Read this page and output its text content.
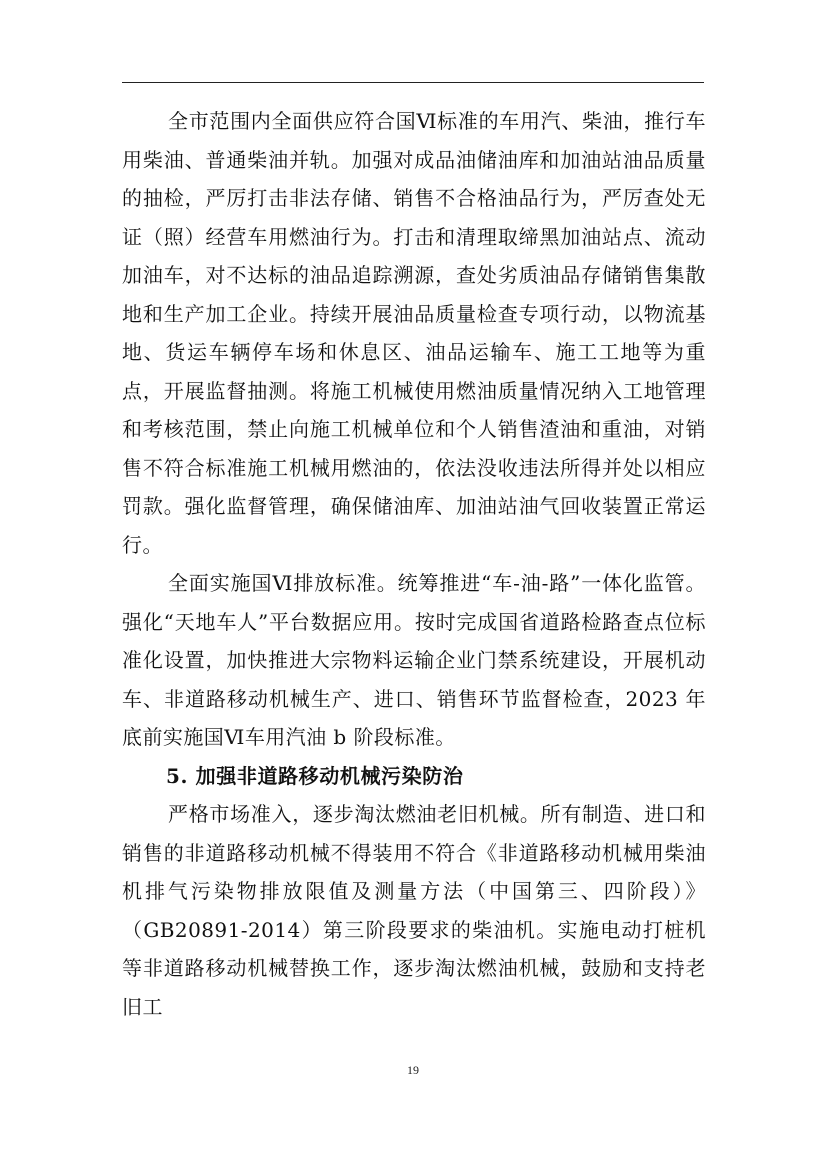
全市范围内全面供应符合国Ⅵ标准的车用汽、柴油，推行车用柴油、普通柴油并轨。加强对成品油储油库和加油站油品质量的抽检，严厉打击非法存储、销售不合格油品行为，严厉查处无证（照）经营车用燃油行为。打击和清理取缔黑加油站点、流动加油车，对不达标的油品追踪溯源，查处劣质油品存储销售集散地和生产加工企业。持续开展油品质量检查专项行动，以物流基地、货运车辆停车场和休息区、油品运输车、施工工地等为重点，开展监督抽测。将施工机械使用燃油质量情况纳入工地管理和考核范围，禁止向施工机械单位和个人销售渣油和重油，对销售不符合标准施工机械用燃油的，依法没收违法所得并处以相应罚款。强化监督管理，确保储油库、加油站油气回收装置正常运行。

全面实施国Ⅵ排放标准。统筹推进“车-油-路”一体化监管。强化“天地车人”平台数据应用。按时完成国省道路检路查点位标准化设置，加快推进大宗物料运输企业门禁系统建设，开展机动车、非道路移动机械生产、进口、销售环节监督检查，2023 年底前实施国Ⅵ车用汽油 b 阶段标准。

5. 加强非道路移动机械污染防治

严格市场准入，逐步淘汰燃油老旧机械。所有制造、进口和销售的非道路移动机械不得装用不符合《非道路移动机械用柴油机排气污染物排放限值及测量方法（中国第三、四阶段）》（GB20891-2014）第三阶段要求的柴油机。实施电动打桩机等非道路移动机械替换工作，逐步淘汰燃油机械，鼓励和支持老旧工

19
